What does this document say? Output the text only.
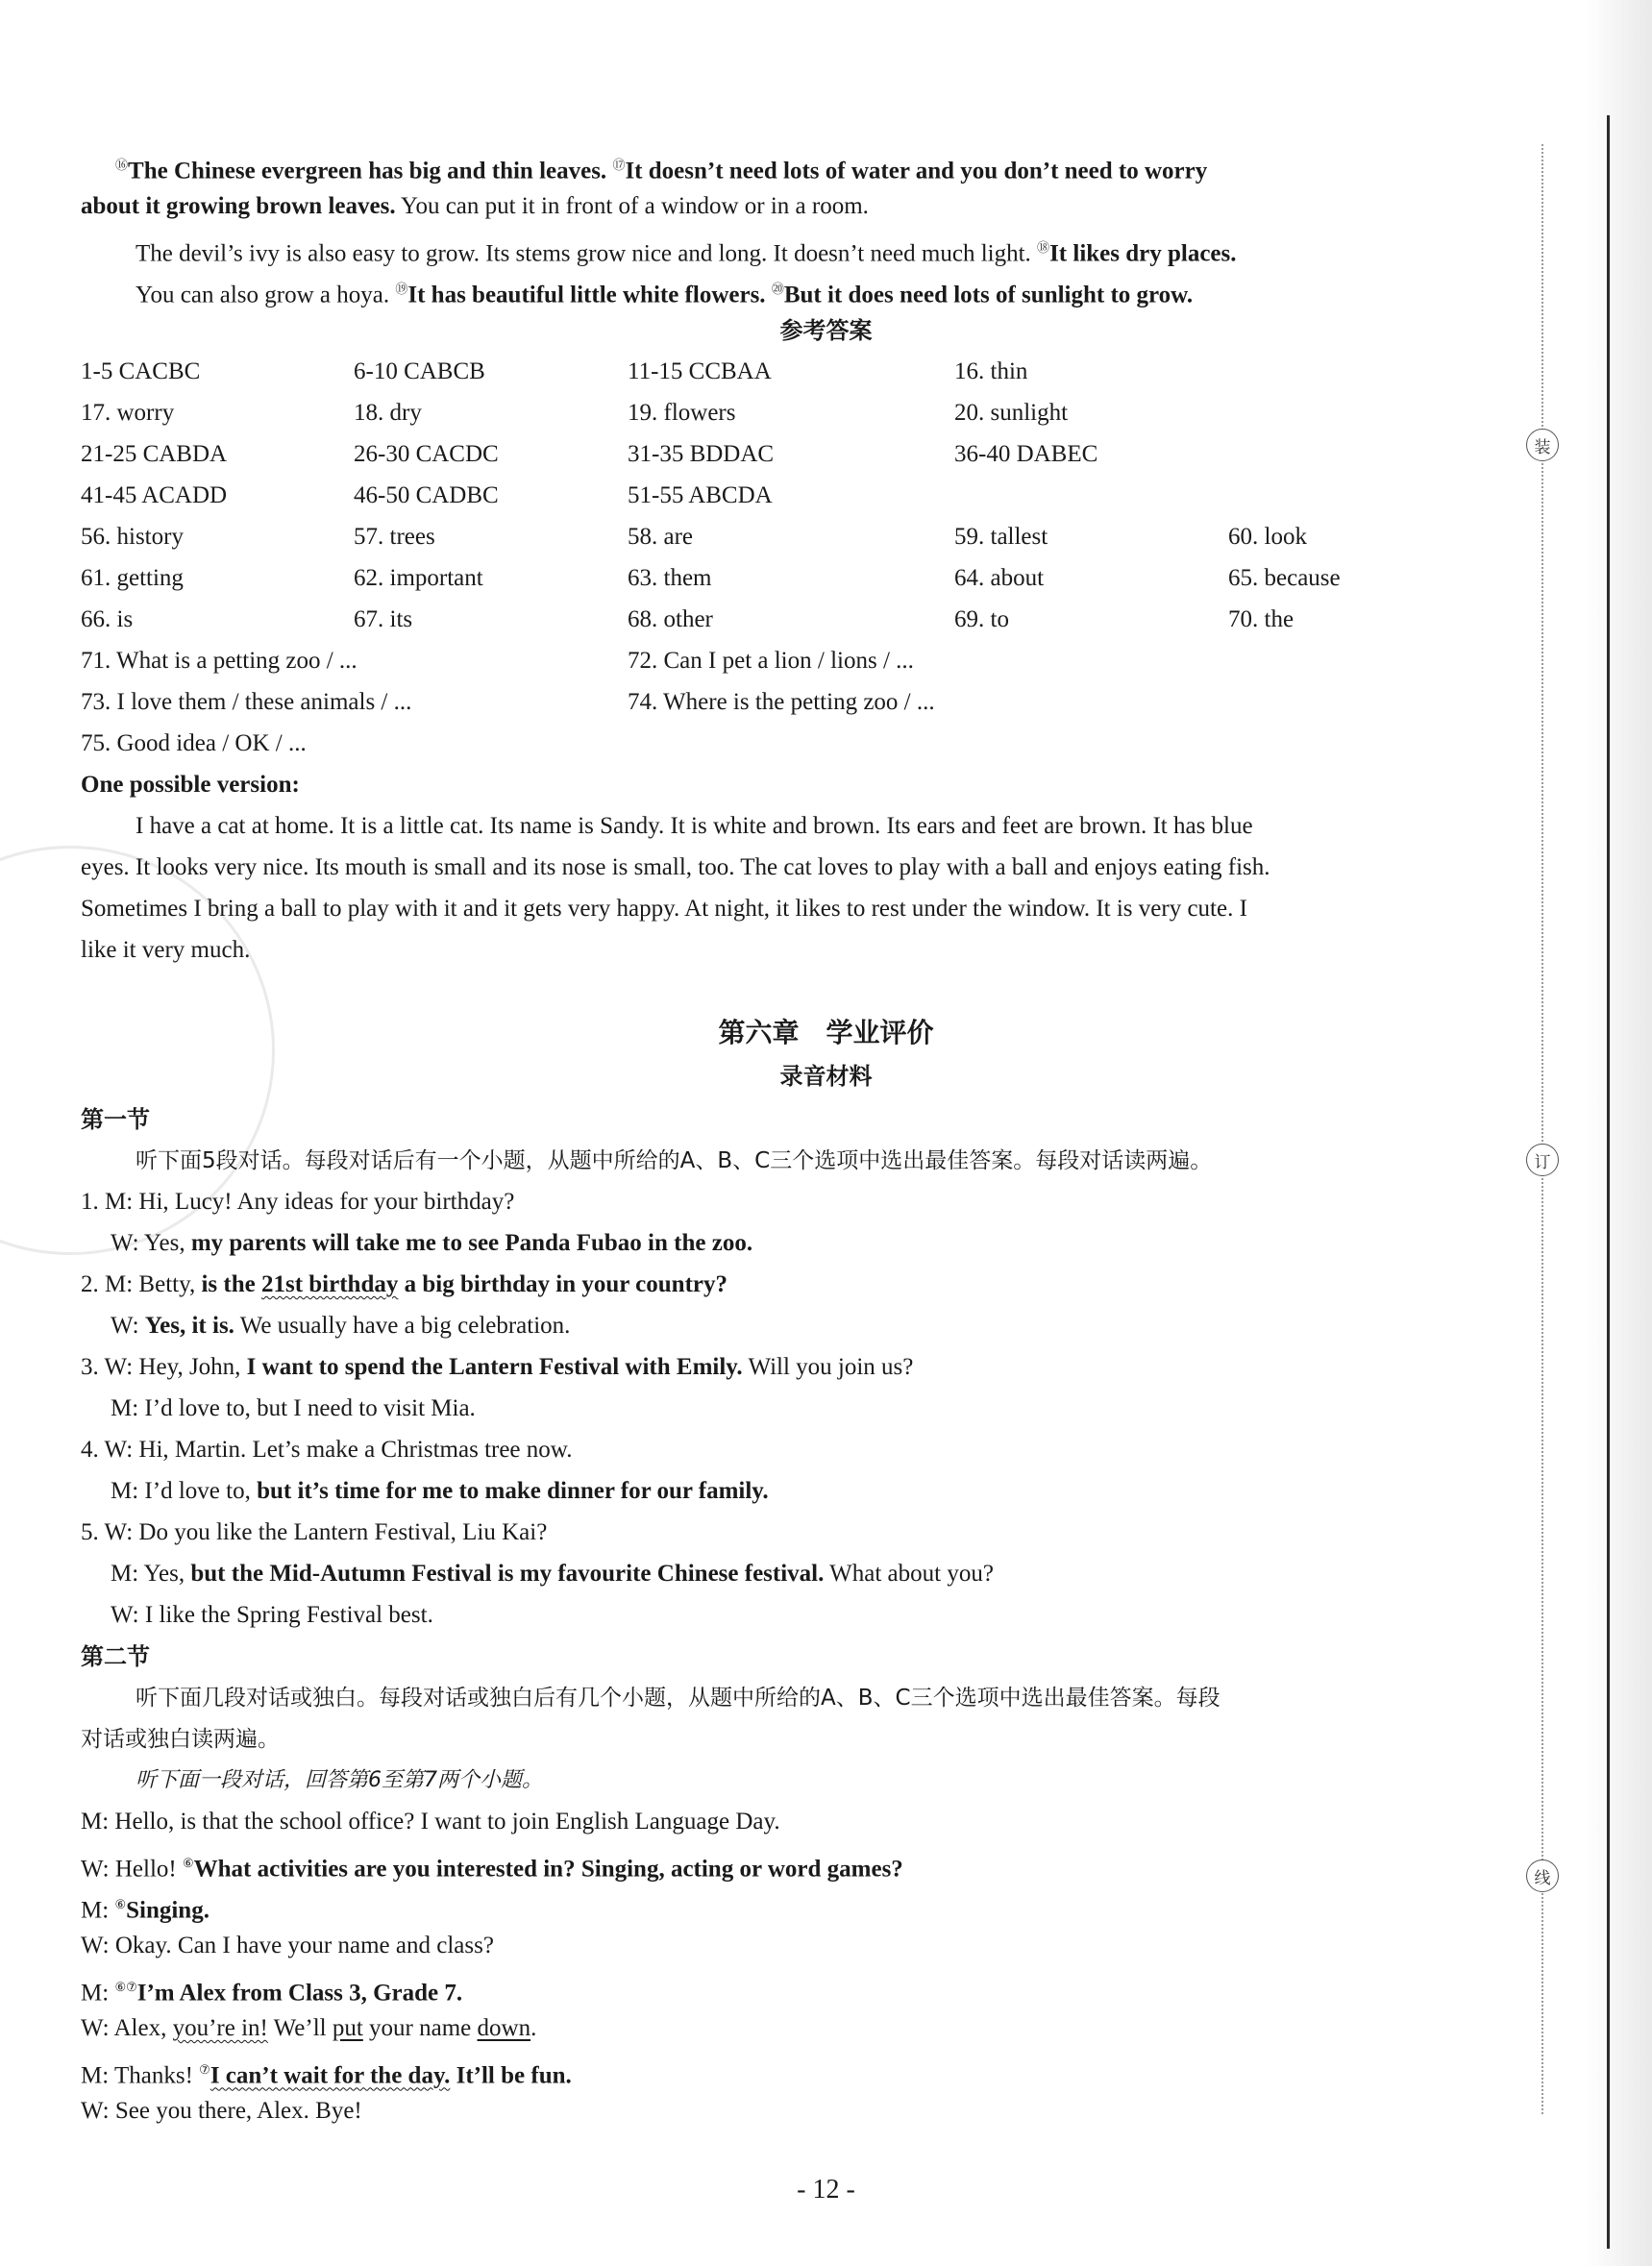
装
订
线
⑯The Chinese evergreen has big and thin leaves. ⑰It doesn’t need lots of water and you don’t need to worry
about it growing brown leaves. You can put it in front of a window or in a room.
The devil’s ivy is also easy to grow. Its stems grow nice and long. It doesn’t need much light. ⑱It likes dry places.
You can also grow a hoya. ⑲It has beautiful little white flowers. ⑳But it does need lots of sunlight to grow.
参考答案
1-5 CACBC	6-10 CABCB	11-15 CCBAA	16. thin
17. worry	18. dry	19. flowers	20. sunlight
21-25 CABDA	26-30 CACDC	31-35 BDDAC	36-40 DABEC
41-45 ACADD	46-50 CADBC	51-55 ABCDA
56. history	57. trees	58. are	59. tallest	60. look
61. getting	62. important	63. them	64. about	65. because
66. is	67. its	68. other	69. to	70. the
71. What is a petting zoo / ...	72. Can I pet a lion / lions / ...
73. I love them / these animals / ...	74. Where is the petting zoo / ...
75. Good idea / OK / ...
One possible version:
I have a cat at home. It is a little cat. Its name is Sandy. It is white and brown. Its ears and feet are brown. It has blue
eyes. It looks very nice. Its mouth is small and its nose is small, too. The cat loves to play with a ball and enjoys eating fish.
Sometimes I bring a ball to play with it and it gets very happy. At night, it likes to rest under the window. It is very cute. I
like it very much.
第六章　学业评价
录音材料
第一节
听下面5段对话。每段对话后有一个小题，从题中所给的A、B、C三个选项中选出最佳答案。每段对话读两遍。
1. M: Hi, Lucy! Any ideas for your birthday?
W: Yes, my parents will take me to see Panda Fubao in the zoo.
2. M: Betty, is the 21st birthday a big birthday in your country?
W: Yes, it is. We usually have a big celebration.
3. W: Hey, John, I want to spend the Lantern Festival with Emily. Will you join us?
M: I’d love to, but I need to visit Mia.
4. W: Hi, Martin. Let’s make a Christmas tree now.
M: I’d love to, but it’s time for me to make dinner for our family.
5. W: Do you like the Lantern Festival, Liu Kai?
M: Yes, but the Mid-Autumn Festival is my favourite Chinese festival. What about you?
W: I like the Spring Festival best.
第二节
听下面几段对话或独白。每段对话或独白后有几个小题，从题中所给的A、B、C三个选项中选出最佳答案。每段
对话或独白读两遍。
听下面一段对话，回答第6至第7两个小题。
M: Hello, is that the school office? I want to join English Language Day.
W: Hello! ⑥What activities are you interested in? Singing, acting or word games?
M: ⑥Singing.
W: Okay. Can I have your name and class?
M: ⑥⑦I’m Alex from Class 3, Grade 7.
W: Alex, you’re in! We’ll put your name down.
M: Thanks! ⑦I can’t wait for the day. It’ll be fun.
W: See you there, Alex. Bye!
- 12 -
